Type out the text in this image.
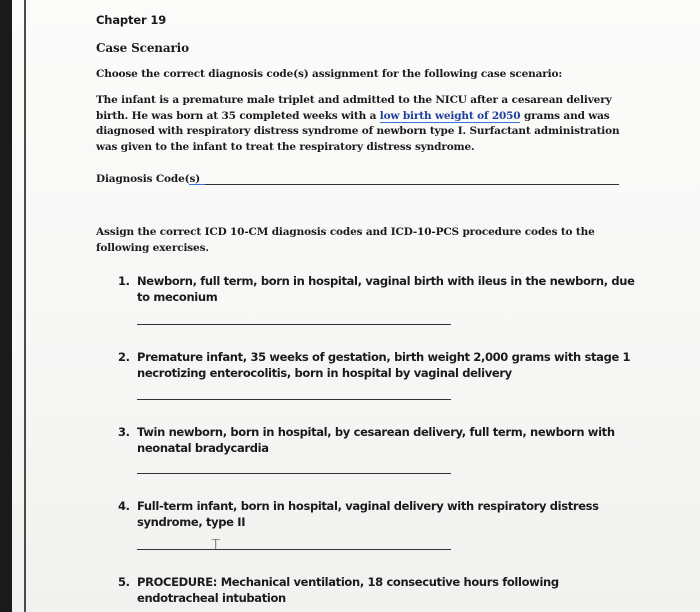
Chapter 19
Case Scenario
Choose the correct diagnosis code(s) assignment for the following case scenario:
The infant is a premature male triplet and admitted to the NICU after a cesarean delivery birth. He was born at 35 completed weeks with a low birth weight of 2050 grams and was diagnosed with respiratory distress syndrome of newborn type I. Surfactant administration was given to the infant to treat the respiratory distress syndrome.
Diagnosis Code(s)
Assign the correct ICD 10-CM diagnosis codes and ICD-10-PCS procedure codes to the following exercises.
1. Newborn, full term, born in hospital, vaginal birth with ileus in the newborn, due to meconium
2. Premature infant, 35 weeks of gestation, birth weight 2,000 grams with stage 1 necrotizing enterocolitis, born in hospital by vaginal delivery
3. Twin newborn, born in hospital, by cesarean delivery, full term, newborn with neonatal bradycardia
4. Full-term infant, born in hospital, vaginal delivery with respiratory distress syndrome, type II
⌶
5. PROCEDURE: Mechanical ventilation, 18 consecutive hours following endotracheal intubation
